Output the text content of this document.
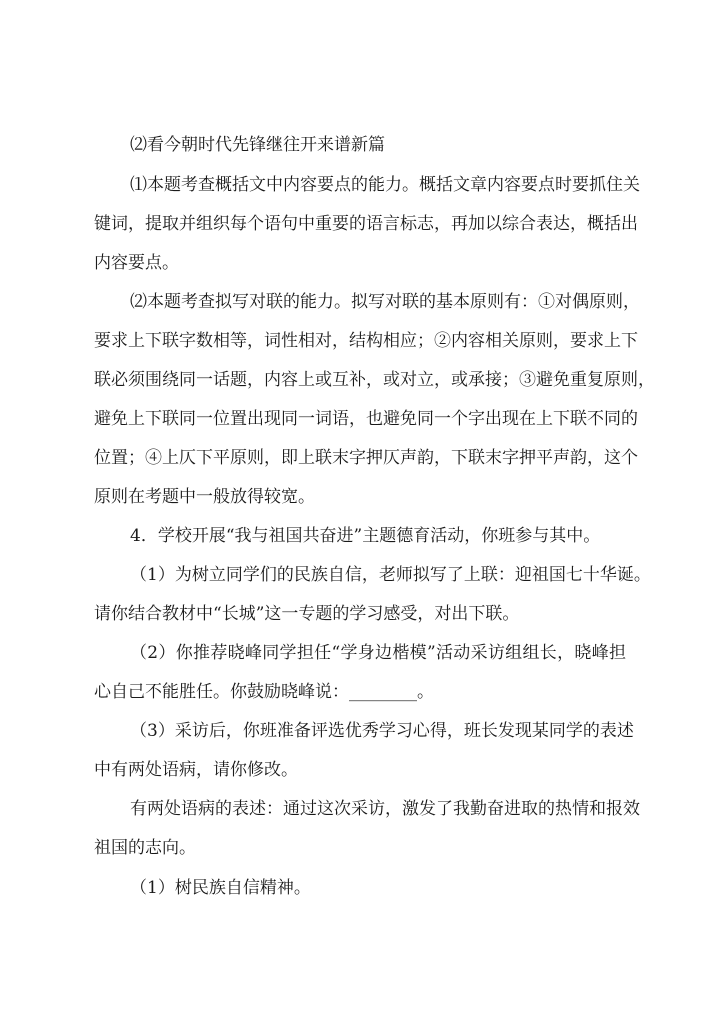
⑵看今朝时代先锋继往开来谱新篇
⑴本题考查概括文中内容要点的能力。概括文章内容要点时要抓住关
键词，提取并组织每个语句中重要的语言标志，再加以综合表达，概括出
内容要点。
⑵本题考查拟写对联的能力。拟写对联的基本原则有：①对偶原则，
要求上下联字数相等，词性相对，结构相应；②内容相关原则，要求上下
联必须围绕同一话题，内容上或互补，或对立，或承接；③避免重复原则，
避免上下联同一位置出现同一词语，也避免同一个字出现在上下联不同的
位置；④上仄下平原则，即上联末字押仄声韵，下联末字押平声韵，这个
原则在考题中一般放得较宽。
4．学校开展“我与祖国共奋进”主题德育活动，你班参与其中。
（1）为树立同学们的民族自信，老师拟写了上联：迎祖国七十华诞。
请你结合教材中“长城”这一专题的学习感受，对出下联。
（2）你推荐晓峰同学担任“学身边楷模”活动采访组组长，晓峰担
心自己不能胜任。你鼓励晓峰说：________。
（3）采访后，你班准备评选优秀学习心得，班长发现某同学的表述
中有两处语病，请你修改。
有两处语病的表述：通过这次采访，激发了我勤奋进取的热情和报效
祖国的志向。
（1）树民族自信精神。
